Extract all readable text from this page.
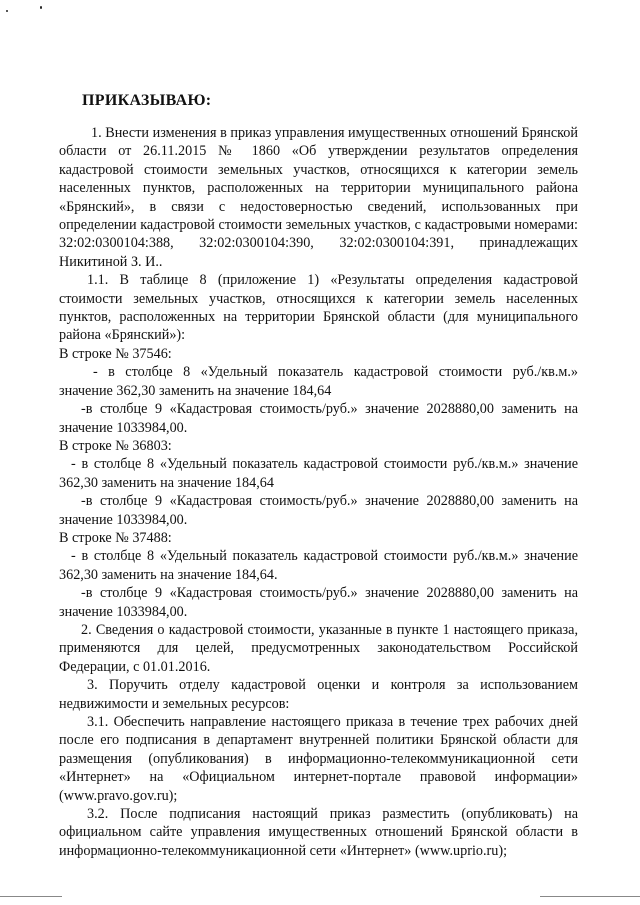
ПРИКАЗЫВАЮ:

1. Внести изменения в приказ управления имущественных отношений Брянской области от 26.11.2015 № 1860 «Об утверждении результатов определения кадастровой стоимости земельных участков, относящихся к категории земель населенных пунктов, расположенных на территории муниципального района «Брянский», в связи с недостоверностью сведений, использованных при определении кадастровой стоимости земельных участков, с кадастровыми номерами: 32:02:0300104:388, 32:02:0300104:390, 32:02:0300104:391, принадлежащих Никитиной З. И..

1.1. В таблице 8 (приложение 1) «Результаты определения кадастровой стоимости земельных участков, относящихся к категории земель населенных пунктов, расположенных на территории Брянской области (для муниципального района «Брянский»):

В строке № 37546:

- в столбце 8 «Удельный показатель кадастровой стоимости руб./кв.м.» значение 362,30 заменить на значение 184,64

-в столбце 9 «Кадастровая стоимость/руб.» значение 2028880,00 заменить на значение 1033984,00.

В строке № 36803:

- в столбце 8 «Удельный показатель кадастровой стоимости руб./кв.м.» значение 362,30 заменить на значение 184,64

-в столбце 9 «Кадастровая стоимость/руб.» значение 2028880,00 заменить на значение 1033984,00.

В строке № 37488:

- в столбце 8 «Удельный показатель кадастровой стоимости руб./кв.м.» значение 362,30 заменить на значение 184,64.

-в столбце 9 «Кадастровая стоимость/руб.» значение 2028880,00 заменить на значение 1033984,00.

2. Сведения о кадастровой стоимости, указанные в пункте 1 настоящего приказа, применяются для целей, предусмотренных законодательством Российской Федерации, с 01.01.2016.

3. Поручить отделу кадастровой оценки и контроля за использованием недвижимости и земельных ресурсов:

3.1. Обеспечить направление настоящего приказа в течение трех рабочих дней после его подписания в департамент внутренней политики Брянской области для размещения (опубликования) в информационно-телекоммуникационной сети «Интернет» на «Официальном интернет-портале правовой информации» (www.pravo.gov.ru);

3.2. После подписания настоящий приказ разместить (опубликовать) на официальном сайте управления имущественных отношений Брянской области в информационно-телекоммуникационной сети «Интернет» (www.uprio.ru);
